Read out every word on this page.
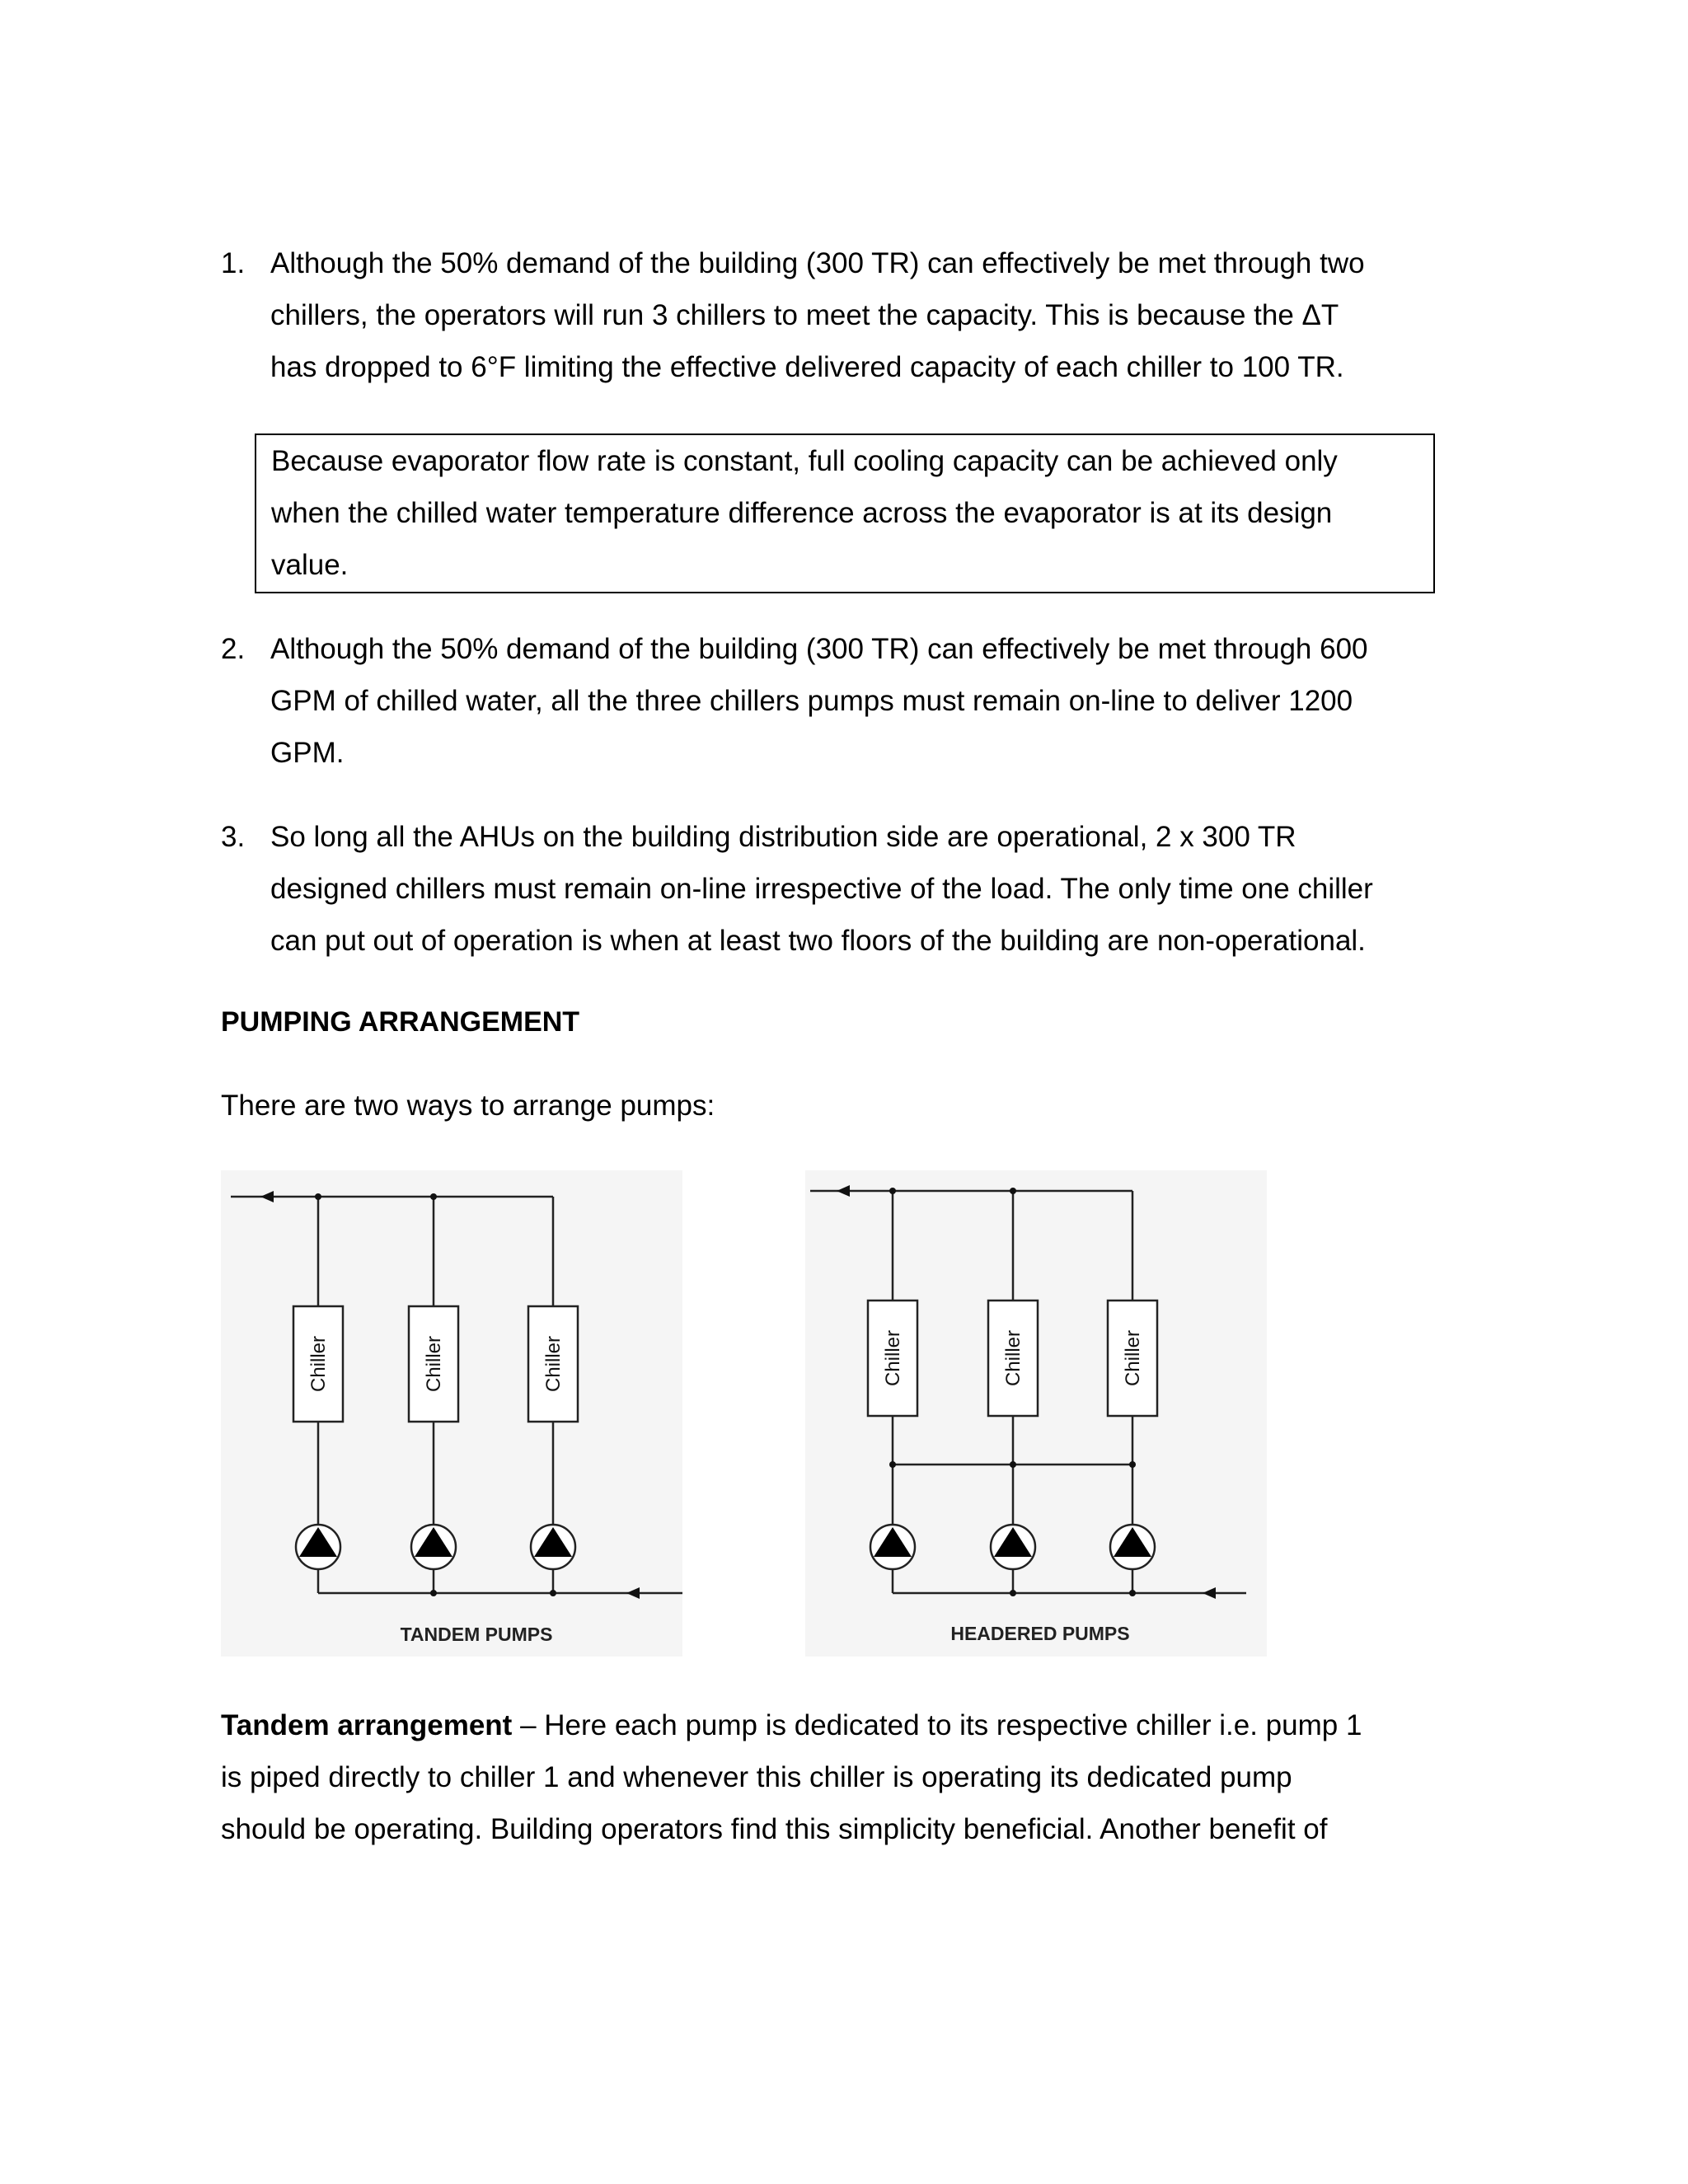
1. Although the 50% demand of the building (300 TR) can effectively be met through two
chillers, the operators will run 3 chillers to meet the capacity. This is because the ΔT
has dropped to 6°F limiting the effective delivered capacity of each chiller to 100 TR.
Because evaporator flow rate is constant, full cooling capacity can be achieved only
when the chilled water temperature difference across the evaporator is at its design
value.
2. Although the 50% demand of the building (300 TR) can effectively be met through 600
GPM of chilled water, all the three chillers pumps must remain on-line to deliver 1200
GPM.
3. So long all the AHUs on the building distribution side are operational, 2 x 300 TR
designed chillers must remain on-line irrespective of the load. The only time one chiller
can put out of operation is when at least two floors of the building are non-operational.
PUMPING ARRANGEMENT
There are two ways to arrange pumps:
Chiller	Chiller	Chiller
TANDEM PUMPS
Chiller	Chiller	Chiller
HEADERED PUMPS
Tandem arrangement – Here each pump is dedicated to its respective chiller i.e. pump 1
is piped directly to chiller 1 and whenever this chiller is operating its dedicated pump
should be operating. Building operators find this simplicity beneficial. Another benefit of
